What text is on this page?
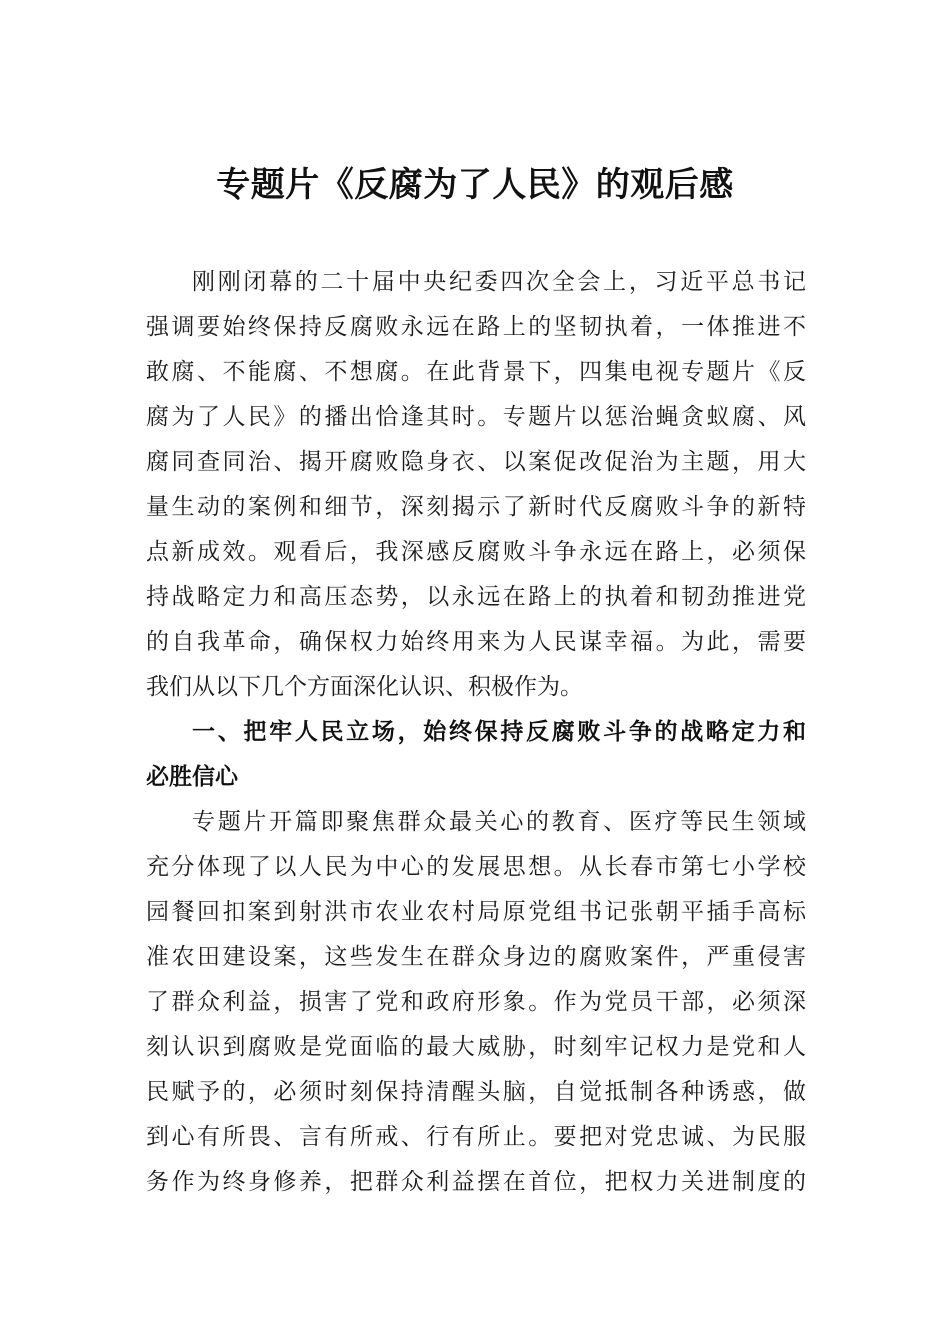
专题片《反腐为了人民》的观后感
刚刚闭幕的二十届中央纪委四次全会上，习近平总书记
强调要始终保持反腐败永远在路上的坚韧执着，一体推进不
敢腐、不能腐、不想腐。在此背景下，四集电视专题片《反
腐为了人民》的播出恰逢其时。专题片以惩治蝇贪蚁腐、风
腐同查同治、揭开腐败隐身衣、以案促改促治为主题，用大
量生动的案例和细节，深刻揭示了新时代反腐败斗争的新特
点新成效。观看后，我深感反腐败斗争永远在路上，必须保
持战略定力和高压态势，以永远在路上的执着和韧劲推进党
的自我革命，确保权力始终用来为人民谋幸福。为此，需要
我们从以下几个方面深化认识、积极作为。
一、把牢人民立场，始终保持反腐败斗争的战略定力和
必胜信心
专题片开篇即聚焦群众最关心的教育、医疗等民生领域
充分体现了以人民为中心的发展思想。从长春市第七小学校
园餐回扣案到射洪市农业农村局原党组书记张朝平插手高标
准农田建设案，这些发生在群众身边的腐败案件，严重侵害
了群众利益，损害了党和政府形象。作为党员干部，必须深
刻认识到腐败是党面临的最大威胁，时刻牢记权力是党和人
民赋予的，必须时刻保持清醒头脑，自觉抵制各种诱惑，做
到心有所畏、言有所戒、行有所止。要把对党忠诚、为民服
务作为终身修养，把群众利益摆在首位，把权力关进制度的
